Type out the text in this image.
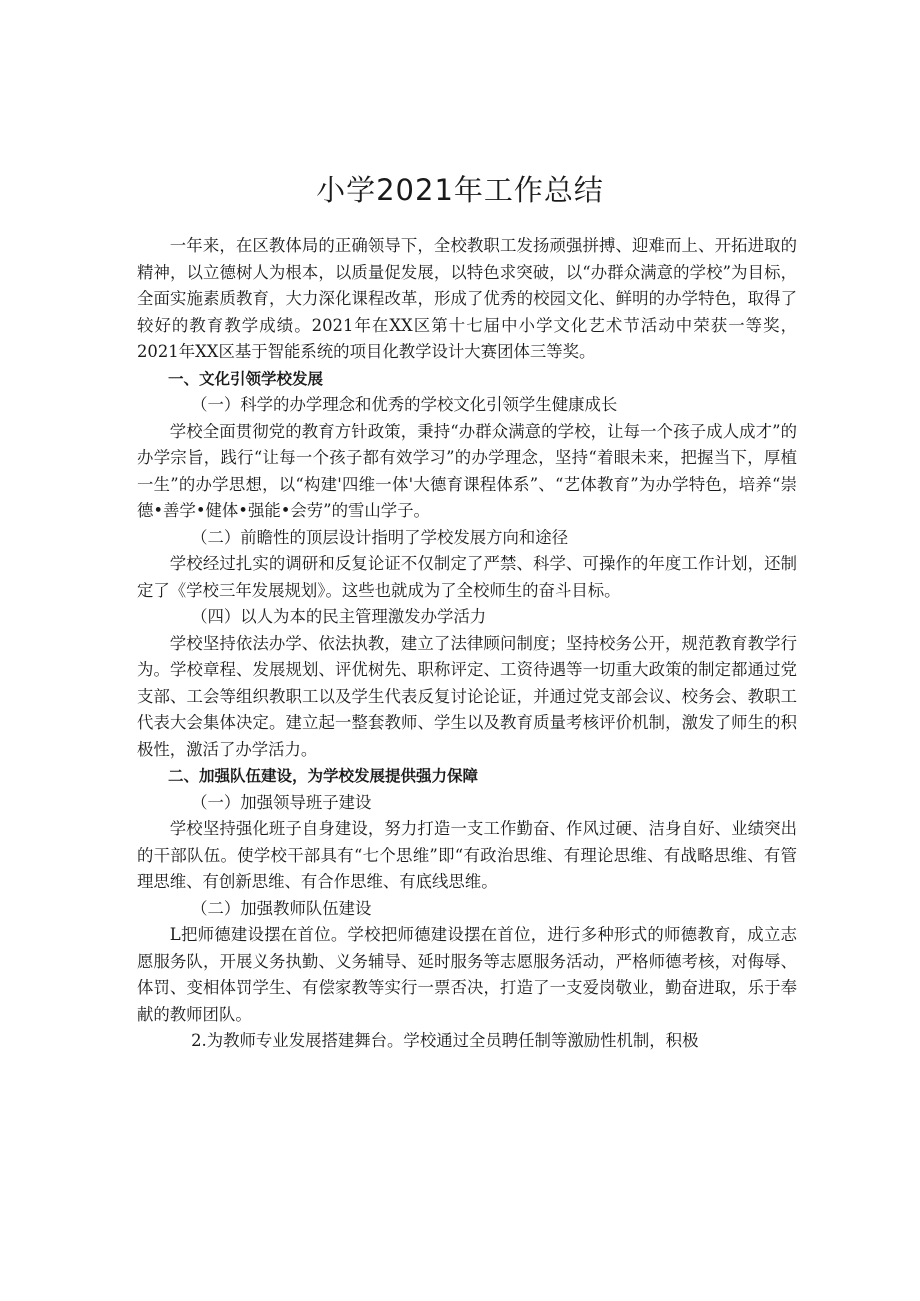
小学2021年工作总结

一年来，在区教体局的正确领导下，全校教职工发扬顽强拼搏、迎难而上、开拓进取的精神，以立德树人为根本，以质量促发展，以特色求突破，以“办群众满意的学校”为目标，全面实施素质教育，大力深化课程改革，形成了优秀的校园文化、鲜明的办学特色，取得了较好的教育教学成绩。2021年在XX区第十七届中小学文化艺术节活动中荣获一等奖，2021年XX区基于智能系统的项目化教学设计大赛团体三等奖。

一、文化引领学校发展

（一）科学的办学理念和优秀的学校文化引领学生健康成长

学校全面贯彻党的教育方针政策，秉持“办群众满意的学校，让每一个孩子成人成才”的办学宗旨，践行“让每一个孩子都有效学习”的办学理念，坚持“着眼未来，把握当下，厚植一生”的办学思想，以“构建'四维一体'大德育课程体系”、“艺体教育”为办学特色，培养“崇德•善学•健体•强能•会劳”的雪山学子。

（二）前瞻性的顶层设计指明了学校发展方向和途径

学校经过扎实的调研和反复论证不仅制定了严禁、科学、可操作的年度工作计划，还制定了《学校三年发展规划》。这些也就成为了全校师生的奋斗目标。

（四）以人为本的民主管理激发办学活力

学校坚持依法办学、依法执教，建立了法律顾问制度；坚持校务公开，规范教育教学行为。学校章程、发展规划、评优树先、职称评定、工资待遇等一切重大政策的制定都通过党支部、工会等组织教职工以及学生代表反复讨论论证，并通过党支部会议、校务会、教职工代表大会集体决定。建立起一整套教师、学生以及教育质量考核评价机制，激发了师生的积极性，激活了办学活力。

二、加强队伍建设，为学校发展提供强力保障

（一）加强领导班子建设

学校坚持强化班子自身建设，努力打造一支工作勤奋、作风过硬、洁身自好、业绩突出的干部队伍。使学校干部具有“七个思维”即“有政治思维、有理论思维、有战略思维、有管理思维、有创新思维、有合作思维、有底线思维。

（二）加强教师队伍建设

L把师德建设摆在首位。学校把师德建设摆在首位，进行多种形式的师德教育，成立志愿服务队，开展义务执勤、义务辅导、延时服务等志愿服务活动，严格师德考核，对侮辱、体罚、变相体罚学生、有偿家教等实行一票否决，打造了一支爱岗敬业，勤奋进取，乐于奉献的教师团队。

2.为教师专业发展搭建舞台。学校通过全员聘任制等激励性机制，积极
